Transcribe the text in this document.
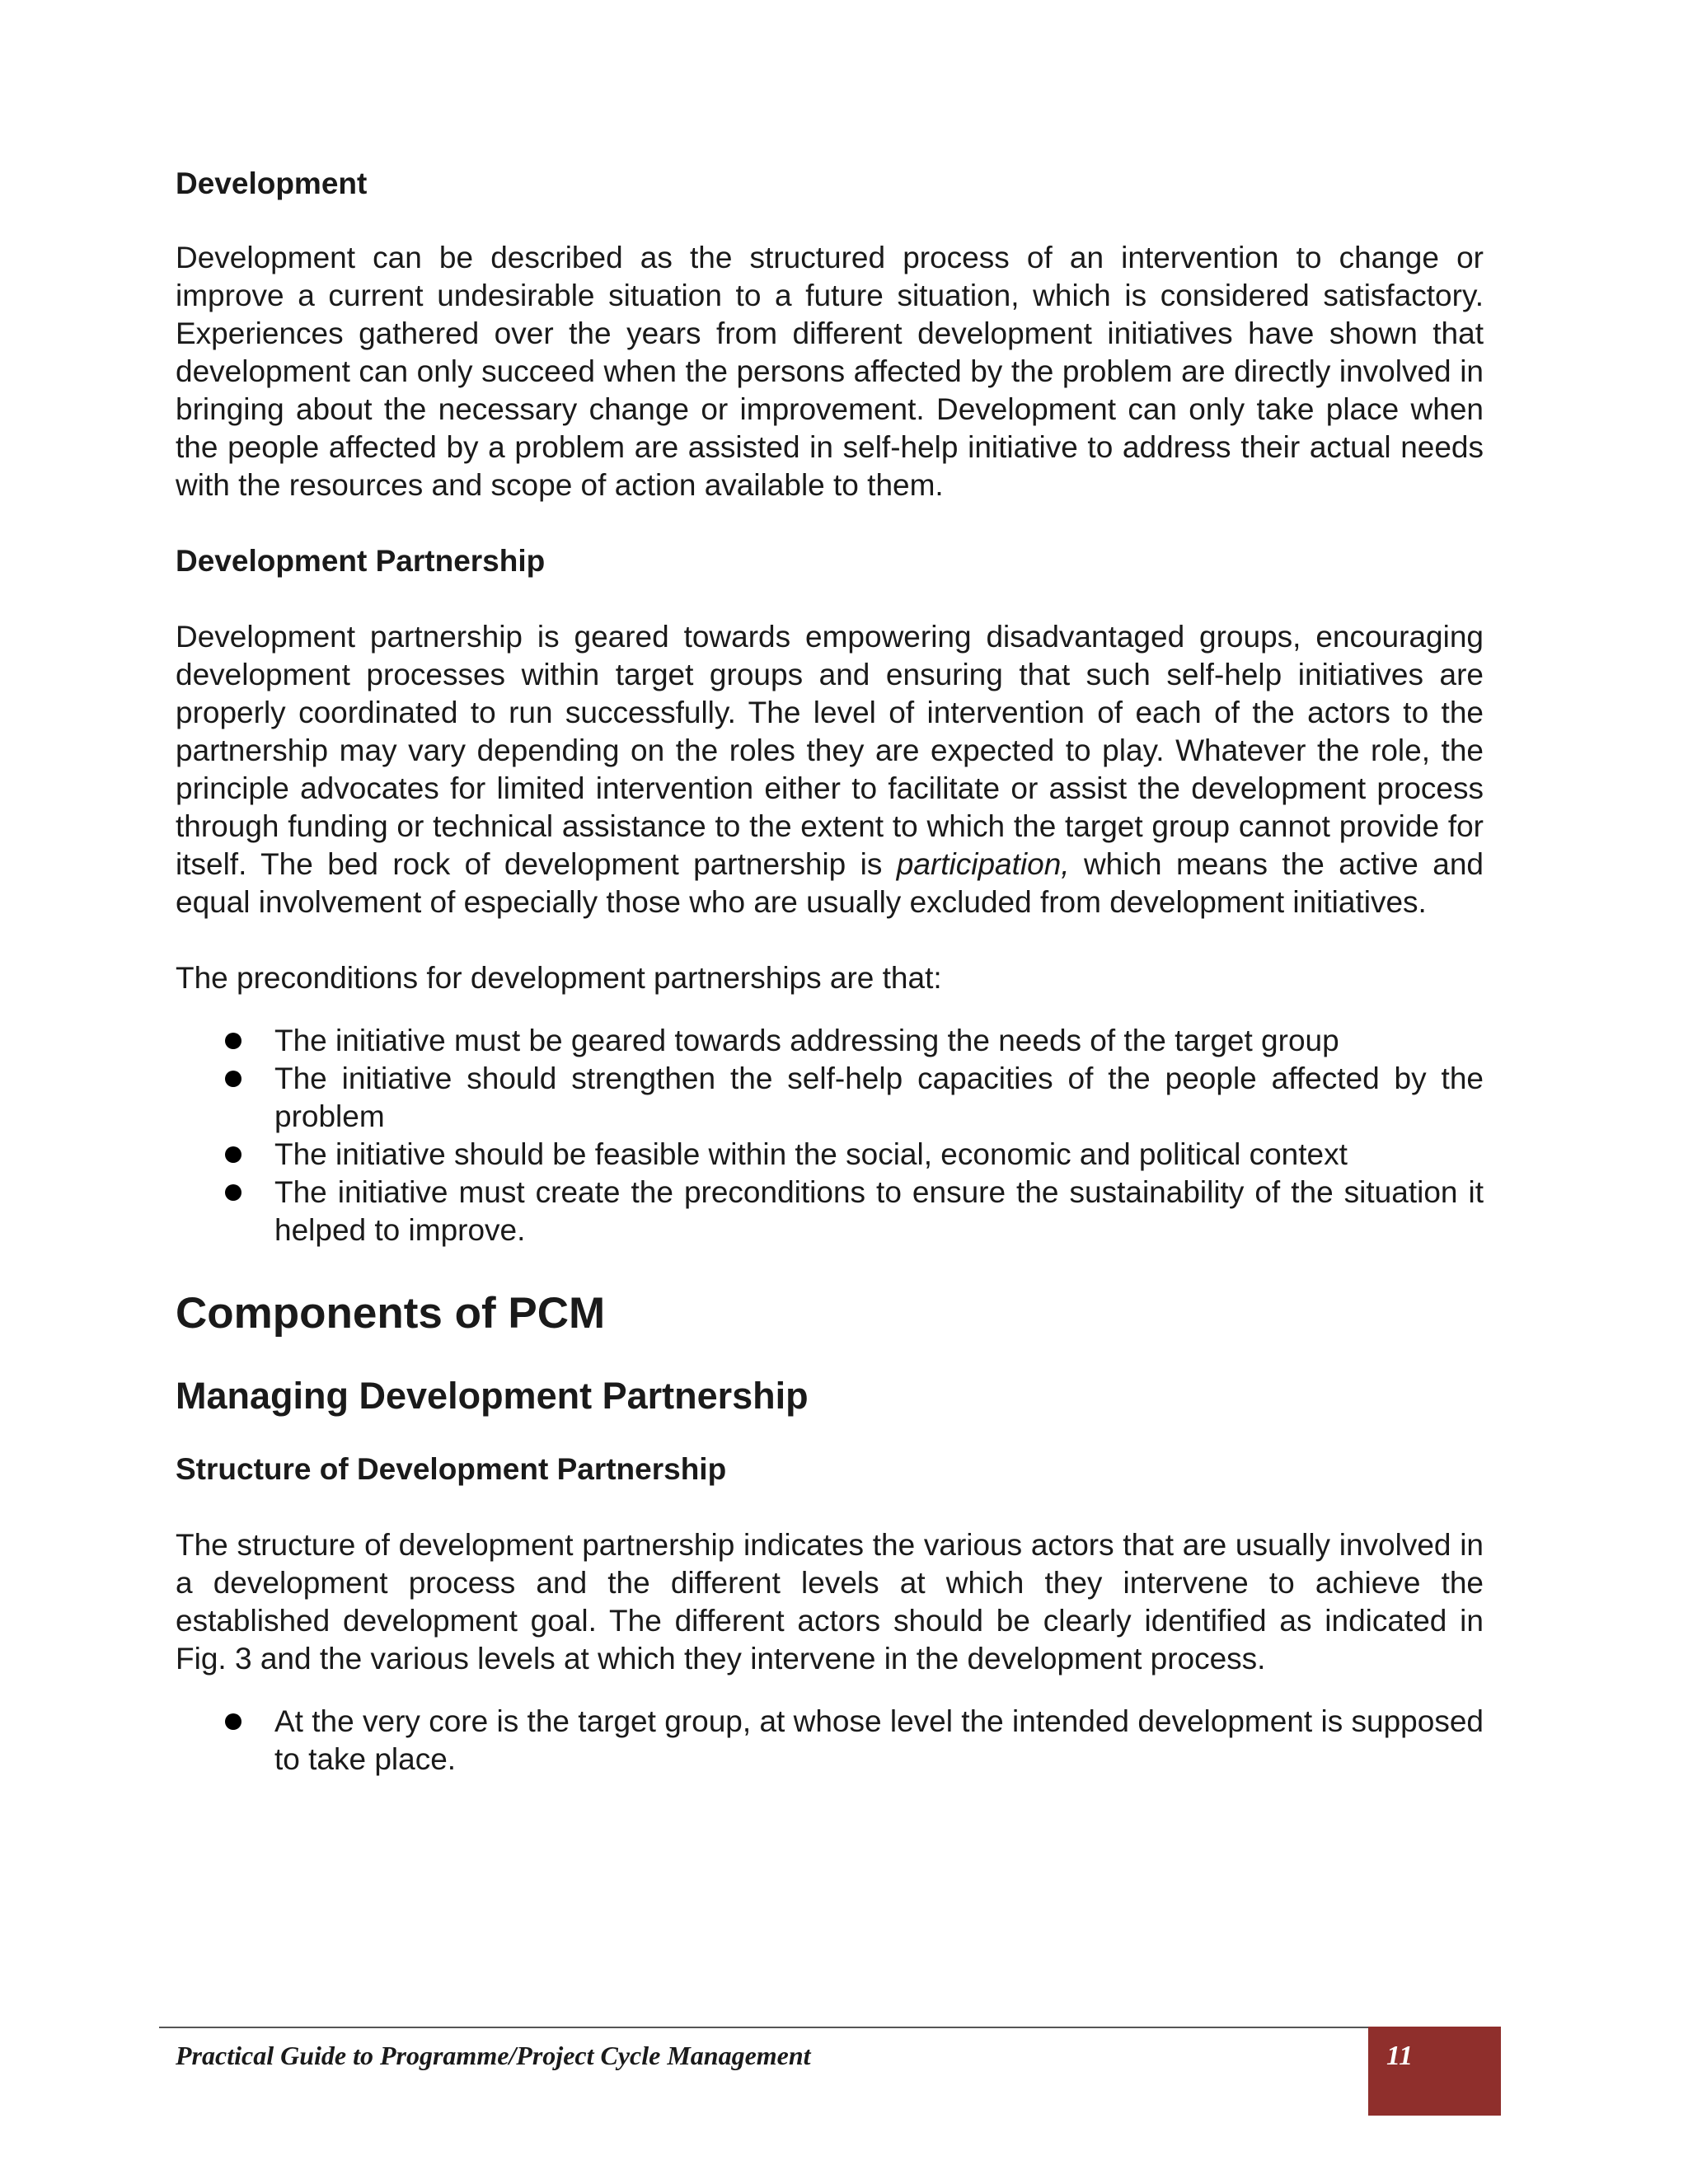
Development

Development can be described as the structured process of an intervention to change or improve a current undesirable situation to a future situation, which is considered satisfactory. Experiences gathered over the years from different development initiatives have shown that development can only succeed when the persons affected by the problem are directly involved in bringing about the necessary change or improvement. Development can only take place when the people affected by a problem are assisted in self-help initiative to address their actual needs with the resources and scope of action available to them.

Development Partnership

Development partnership is geared towards empowering disadvantaged groups, encouraging development processes within target groups and ensuring that such self-help initiatives are properly coordinated to run successfully. The level of intervention of each of the actors to the partnership may vary depending on the roles they are expected to play. Whatever the role, the principle advocates for limited intervention either to facilitate or assist the development process through funding or technical assistance to the extent to which the target group cannot provide for itself. The bed rock of development partnership is participation, which means the active and equal involvement of especially those who are usually excluded from development initiatives.

The preconditions for development partnerships are that:

The initiative must be geared towards addressing the needs of the target group
The initiative should strengthen the self-help capacities of the people affected by the problem
The initiative should be feasible within the social, economic and political context
The initiative must create the preconditions to ensure the sustainability of the situation it helped to improve.
Components of PCM
Managing Development Partnership
Structure of Development Partnership

The structure of development partnership indicates the various actors that are usually involved in a development process and the different levels at which they intervene to achieve the established development goal. The different actors should be clearly identified as indicated in Fig. 3 and the various levels at which they intervene in the development process.

At the very core is the target group, at whose level the intended development is supposed to take place.
Practical Guide to Programme/Project Cycle Management	11
